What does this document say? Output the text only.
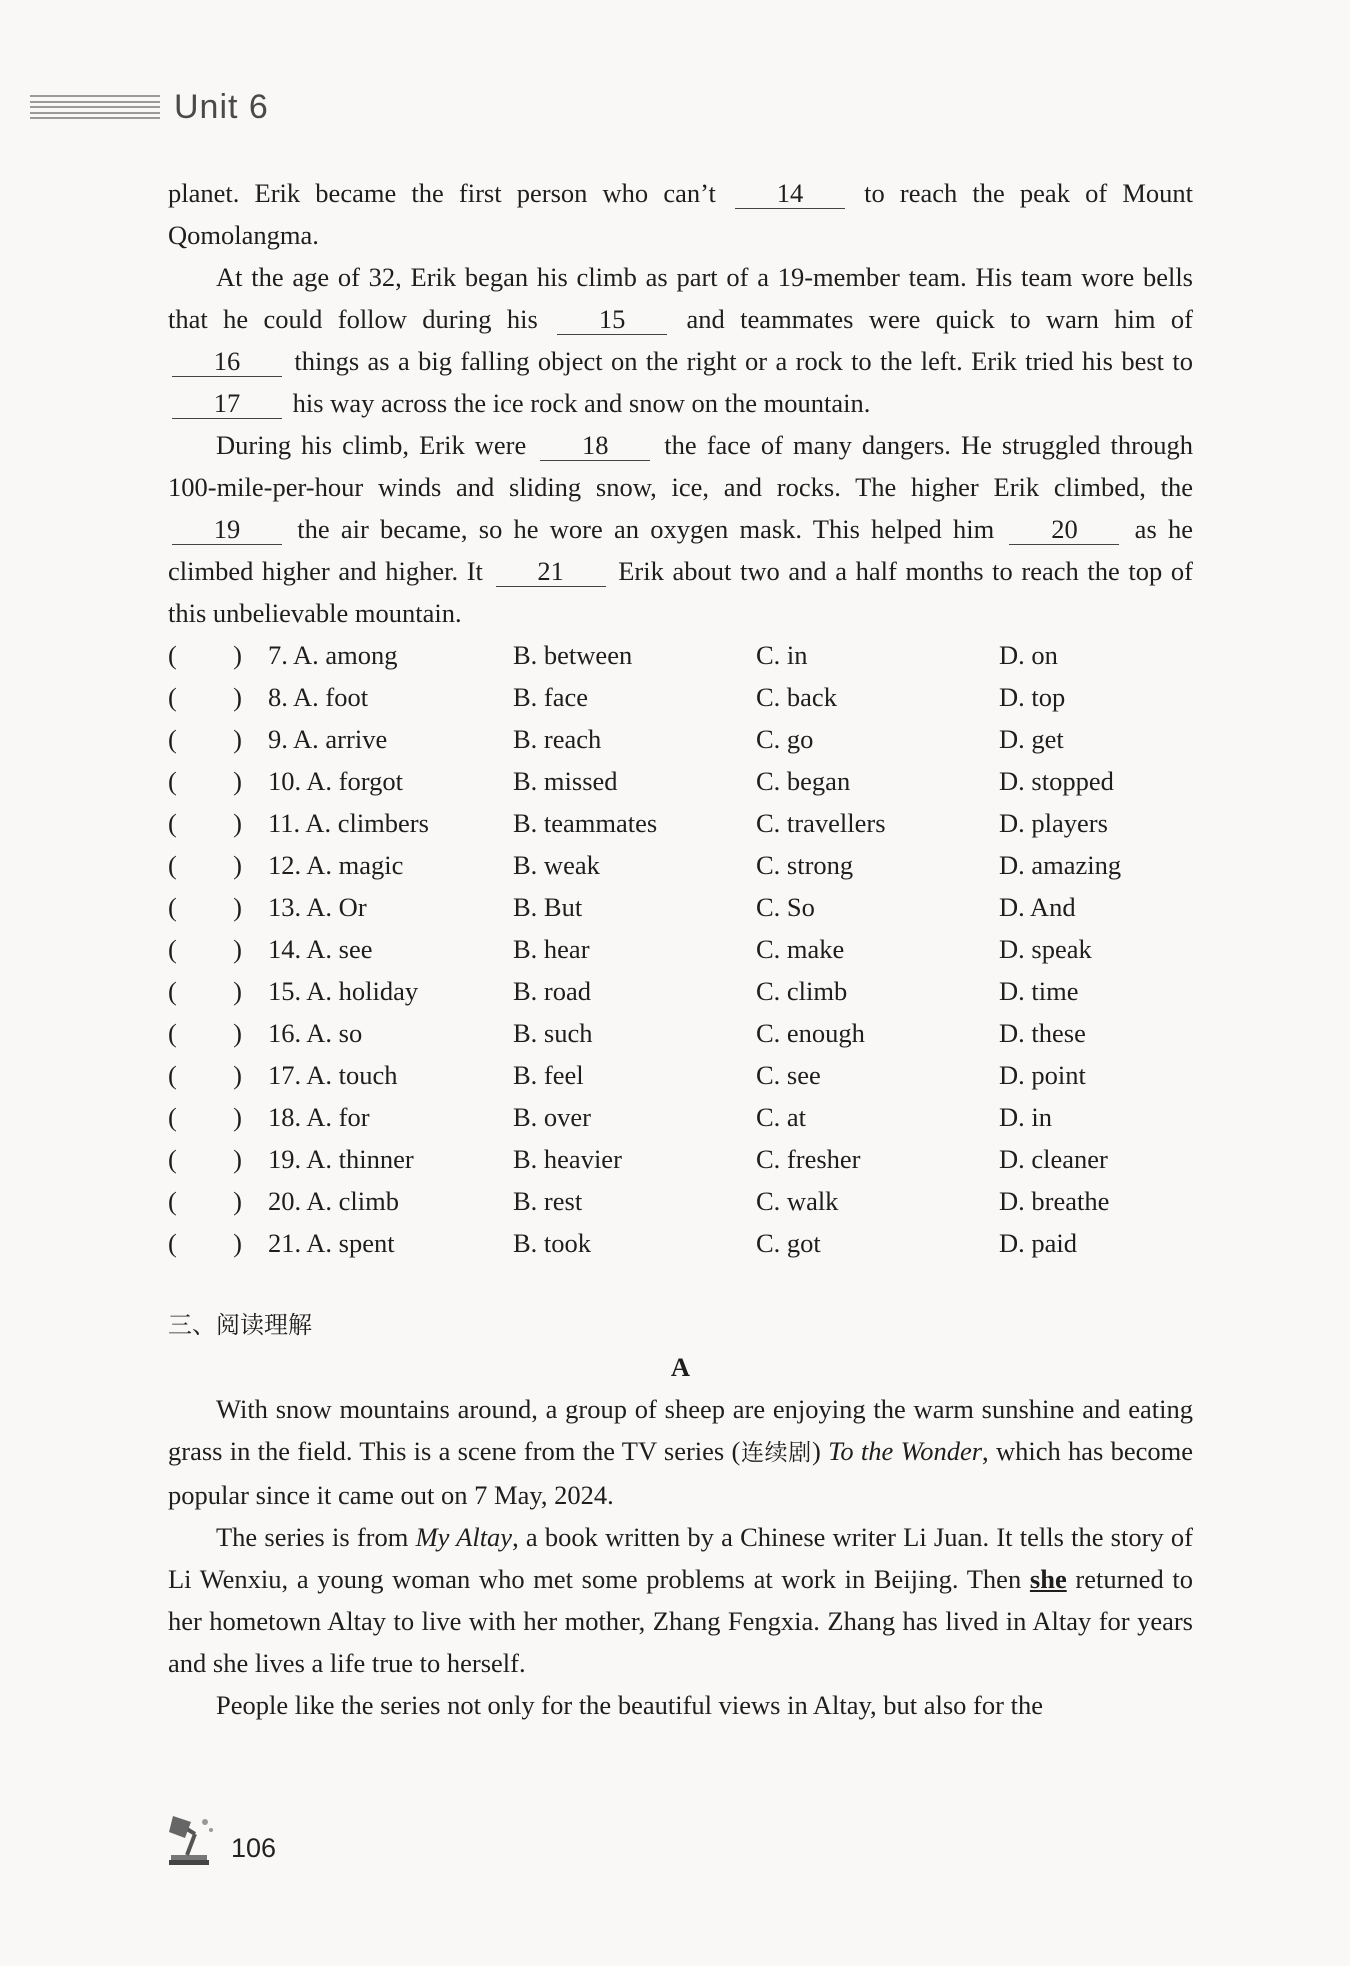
Unit 6

planet. Erik became the first person who can’t 14 to reach the peak of Mount Qomolangma.

At the age of 32, Erik began his climb as part of a 19-member team. His team wore bells that he could follow during his 15 and teammates were quick to warn him of 16 things as a big falling object on the right or a rock to the left. Erik tried his best to 17 his way across the ice rock and snow on the mountain.

During his climb, Erik were 18 the face of many dangers. He struggled through 100-mile-per-hour winds and sliding snow, ice, and rocks. The higher Erik climbed, the 19 the air became, so he wore an oxygen mask. This helped him 20 as he climbed higher and higher. It 21 Erik about two and a half months to reach the top of this unbelievable mountain.

( ) 7. A. among	B. between	C. in	D. on
( ) 8. A. foot	B. face	C. back	D. top
( ) 9. A. arrive	B. reach	C. go	D. get
( ) 10. A. forgot	B. missed	C. began	D. stopped
( ) 11. A. climbers	B. teammates	C. travellers	D. players
( ) 12. A. magic	B. weak	C. strong	D. amazing
( ) 13. A. Or	B. But	C. So	D. And
( ) 14. A. see	B. hear	C. make	D. speak
( ) 15. A. holiday	B. road	C. climb	D. time
( ) 16. A. so	B. such	C. enough	D. these
( ) 17. A. touch	B. feel	C. see	D. point
( ) 18. A. for	B. over	C. at	D. in
( ) 19. A. thinner	B. heavier	C. fresher	D. cleaner
( ) 20. A. climb	B. rest	C. walk	D. breathe
( ) 21. A. spent	B. took	C. got	D. paid
三、阅读理解
A

With snow mountains around, a group of sheep are enjoying the warm sunshine and eating grass in the field. This is a scene from the TV series (连续剧) To the Wonder, which has become popular since it came out on 7 May, 2024.

The series is from My Altay, a book written by a Chinese writer Li Juan. It tells the story of Li Wenxiu, a young woman who met some problems at work in Beijing. Then she returned to her hometown Altay to live with her mother, Zhang Fengxia. Zhang has lived in Altay for years and she lives a life true to herself.

People like the series not only for the beautiful views in Altay, but also for the

106
